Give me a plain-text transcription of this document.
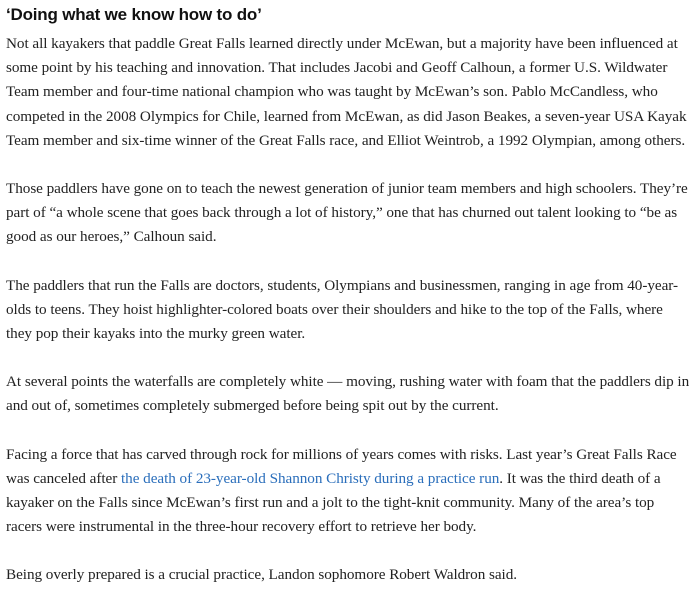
‘Doing what we know how to do’

Not all kayakers that paddle Great Falls learned directly under McEwan, but a majority have been influenced at some point by his teaching and innovation. That includes Jacobi and Geoff Calhoun, a former U.S. Wildwater Team member and four-time national champion who was taught by McEwan’s son. Pablo McCandless, who competed in the 2008 Olympics for Chile, learned from McEwan, as did Jason Beakes, a seven-year USA Kayak Team member and six-time winner of the Great Falls race, and Elliot Weintrob, a 1992 Olympian, among others.

Those paddlers have gone on to teach the newest generation of junior team members and high schoolers. They’re part of “a whole scene that goes back through a lot of history,” one that has churned out talent looking to “be as good as our heroes,” Calhoun said.

The paddlers that run the Falls are doctors, students, Olympians and businessmen, ranging in age from 40-year-olds to teens. They hoist highlighter-colored boats over their shoulders and hike to the top of the Falls, where they pop their kayaks into the murky green water.

At several points the waterfalls are completely white — moving, rushing water with foam that the paddlers dip in and out of, sometimes completely submerged before being spit out by the current.

Facing a force that has carved through rock for millions of years comes with risks. Last year’s Great Falls Race was canceled after the death of 23-year-old Shannon Christy during a practice run. It was the third death of a kayaker on the Falls since McEwan’s first run and a jolt to the tight-knit community. Many of the area’s top racers were instrumental in the three-hour recovery effort to retrieve her body.

Being overly prepared is a crucial practice, Landon sophomore Robert Waldron said.
